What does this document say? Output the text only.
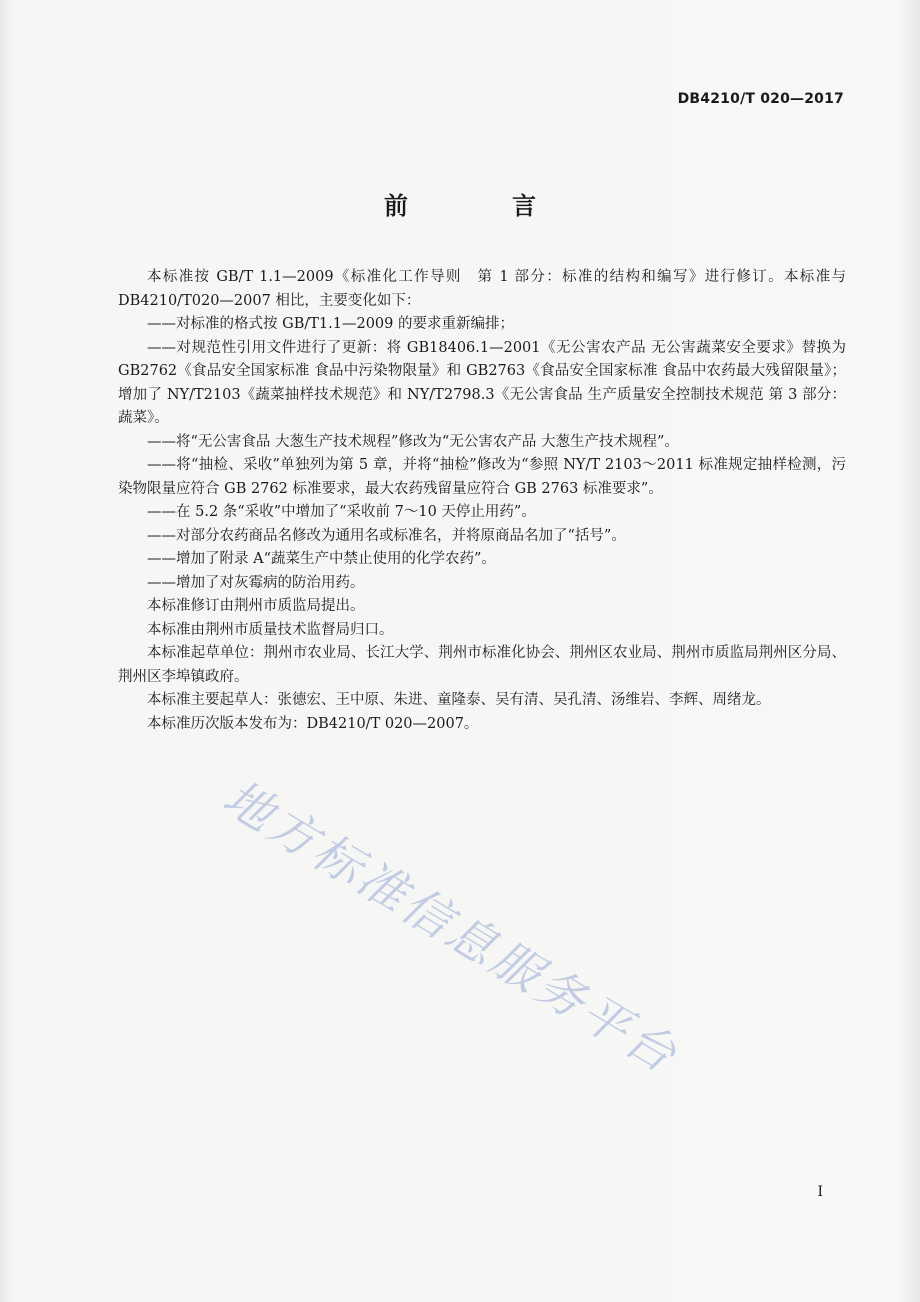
DB4210/T 020—2017
前　言

本标准按 GB/T 1.1—2009《标准化工作导则　第 1 部分：标准的结构和编写》进行修订。本标准与 DB4210/T020—2007 相比，主要变化如下：

——对标准的格式按 GB/T1.1—2009 的要求重新编排；

——对规范性引用文件进行了更新：将 GB18406.1—2001《无公害农产品 无公害蔬菜安全要求》替换为 GB2762《食品安全国家标准 食品中污染物限量》和 GB2763《食品安全国家标准 食品中农药最大残留限量》；增加了 NY/T2103《蔬菜抽样技术规范》和 NY/T2798.3《无公害食品 生产质量安全控制技术规范 第 3 部分：蔬菜》。

——将“无公害食品 大葱生产技术规程”修改为“无公害农产品 大葱生产技术规程”。

——将“抽检、采收”单独列为第 5 章，并将“抽检”修改为“参照 NY/T 2103～2011 标准规定抽样检测，污染物限量应符合 GB 2762 标准要求，最大农药残留量应符合 GB 2763 标准要求”。

——在 5.2 条“采收”中增加了“采收前 7～10 天停止用药”。

——对部分农药商品名修改为通用名或标准名，并将原商品名加了“括号”。

——增加了附录 A“蔬菜生产中禁止使用的化学农药”。

——增加了对灰霉病的防治用药。

本标准修订由荆州市质监局提出。

本标准由荆州市质量技术监督局归口。

本标准起草单位：荆州市农业局、长江大学、荆州市标准化协会、荆州区农业局、荆州市质监局荆州区分局、荆州区李埠镇政府。

本标准主要起草人：张德宏、王中原、朱进、童隆泰、吴有清、吴孔清、汤维岩、李辉、周绪龙。

本标准历次版本发布为：DB4210/T 020—2007。

地方标准信息服务平台
I
